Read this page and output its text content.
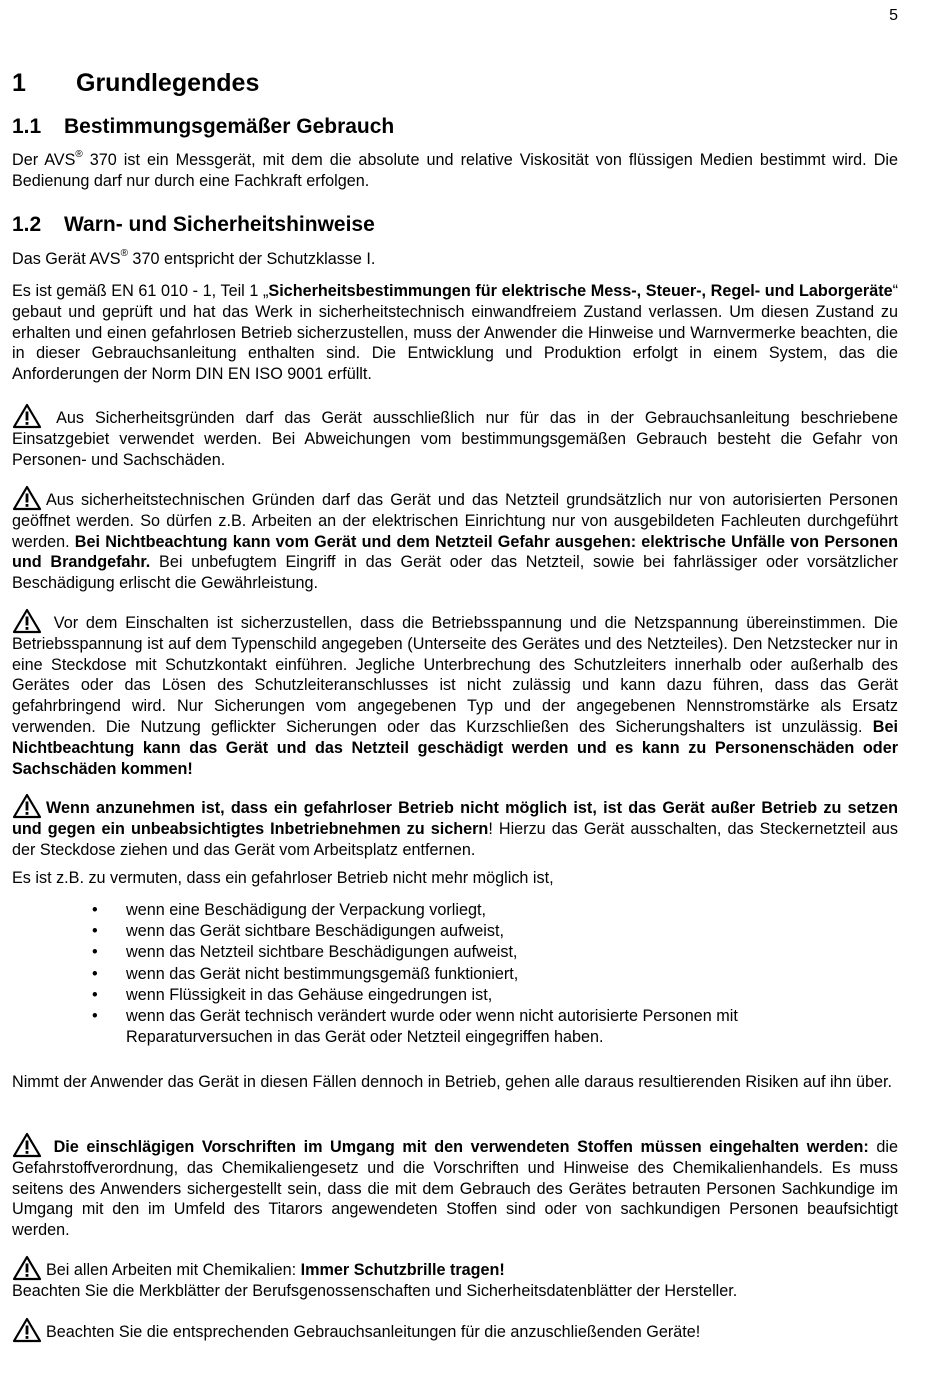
5
1 Grundlegendes
1.1 Bestimmungsgemäßer Gebrauch

Der AVS® 370 ist ein Messgerät, mit dem die absolute und relative Viskosität von flüssigen Medien bestimmt wird. Die Bedienung darf nur durch eine Fachkraft erfolgen.

1.2 Warn- und Sicherheitshinweise

Das Gerät AVS® 370 entspricht der Schutzklasse I.

Es ist gemäß EN 61 010 - 1, Teil 1 „Sicherheitsbestimmungen für elektrische Mess-, Steuer-, Regel- und Laborgeräte“ gebaut und geprüft und hat das Werk in sicherheitstechnisch einwandfreiem Zustand verlassen. Um diesen Zustand zu erhalten und einen gefahrlosen Betrieb sicherzustellen, muss der Anwender die Hinweise und Warnvermerke beachten, die in dieser Gebrauchsanleitung enthalten sind. Die Entwicklung und Produktion erfolgt in einem System, das die Anforderungen der Norm DIN EN ISO 9001 erfüllt.

Aus Sicherheitsgründen darf das Gerät ausschließlich nur für das in der Gebrauchsanleitung beschriebene Einsatzgebiet verwendet werden. Bei Abweichungen vom bestimmungsgemäßen Gebrauch besteht die Gefahr von Personen- und Sachschäden.

Aus sicherheitstechnischen Gründen darf das Gerät und das Netzteil grundsätzlich nur von autorisierten Personen geöffnet werden. So dürfen z.B. Arbeiten an der elektrischen Einrichtung nur von ausgebildeten Fachleuten durchgeführt werden. Bei Nichtbeachtung kann vom Gerät und dem Netzteil Gefahr ausgehen: elektrische Unfälle von Personen und Brandgefahr. Bei unbefugtem Eingriff in das Gerät oder das Netzteil, sowie bei fahrlässiger oder vorsätzlicher Beschädigung erlischt die Gewährleistung.

Vor dem Einschalten ist sicherzustellen, dass die Betriebsspannung und die Netzspannung übereinstimmen. Die Betriebsspannung ist auf dem Typenschild angegeben (Unterseite des Gerätes und des Netzteiles). Den Netzstecker nur in eine Steckdose mit Schutzkontakt einführen. Jegliche Unterbrechung des Schutzleiters innerhalb oder außerhalb des Gerätes oder das Lösen des Schutzleiteranschlusses ist nicht zulässig und kann dazu führen, dass das Gerät gefahrbringend wird. Nur Sicherungen vom angegebenen Typ und der angegebenen Nennstromstärke als Ersatz verwenden. Die Nutzung geflickter Sicherungen oder das Kurzschließen des Sicherungshalters ist unzulässig. Bei Nichtbeachtung kann das Gerät und das Netzteil geschädigt werden und es kann zu Personenschäden oder Sachschäden kommen!

Wenn anzunehmen ist, dass ein gefahrloser Betrieb nicht möglich ist, ist das Gerät außer Betrieb zu setzen und gegen ein unbeabsichtigtes Inbetriebnehmen zu sichern! Hierzu das Gerät ausschalten, das Steckernetzteil aus der Steckdose ziehen und das Gerät vom Arbeitsplatz entfernen.

Es ist z.B. zu vermuten, dass ein gefahrloser Betrieb nicht mehr möglich ist,

• wenn eine Beschädigung der Verpackung vorliegt,
• wenn das Gerät sichtbare Beschädigungen aufweist,
• wenn das Netzteil sichtbare Beschädigungen aufweist,
• wenn das Gerät nicht bestimmungsgemäß funktioniert,
• wenn Flüssigkeit in das Gehäuse eingedrungen ist,
• wenn das Gerät technisch verändert wurde oder wenn nicht autorisierte Personen mit Reparaturversuchen in das Gerät oder Netzteil eingegriffen haben.

Nimmt der Anwender das Gerät in diesen Fällen dennoch in Betrieb, gehen alle daraus resultierenden Risiken auf ihn über.

Die einschlägigen Vorschriften im Umgang mit den verwendeten Stoffen müssen eingehalten werden: die Gefahrstoffverordnung, das Chemikaliengesetz und die Vorschriften und Hinweise des Chemikalienhandels. Es muss seitens des Anwenders sichergestellt sein, dass die mit dem Gebrauch des Gerätes betrauten Personen Sachkundige im Umgang mit den im Umfeld des Titarors angewendeten Stoffen sind oder von sachkundigen Personen beaufsichtigt werden.

Bei allen Arbeiten mit Chemikalien: Immer Schutzbrille tragen!
Beachten Sie die Merkblätter der Berufsgenossenschaften und Sicherheitsdatenblätter der Hersteller.

Beachten Sie die entsprechenden Gebrauchsanleitungen für die anzuschließenden Geräte!
